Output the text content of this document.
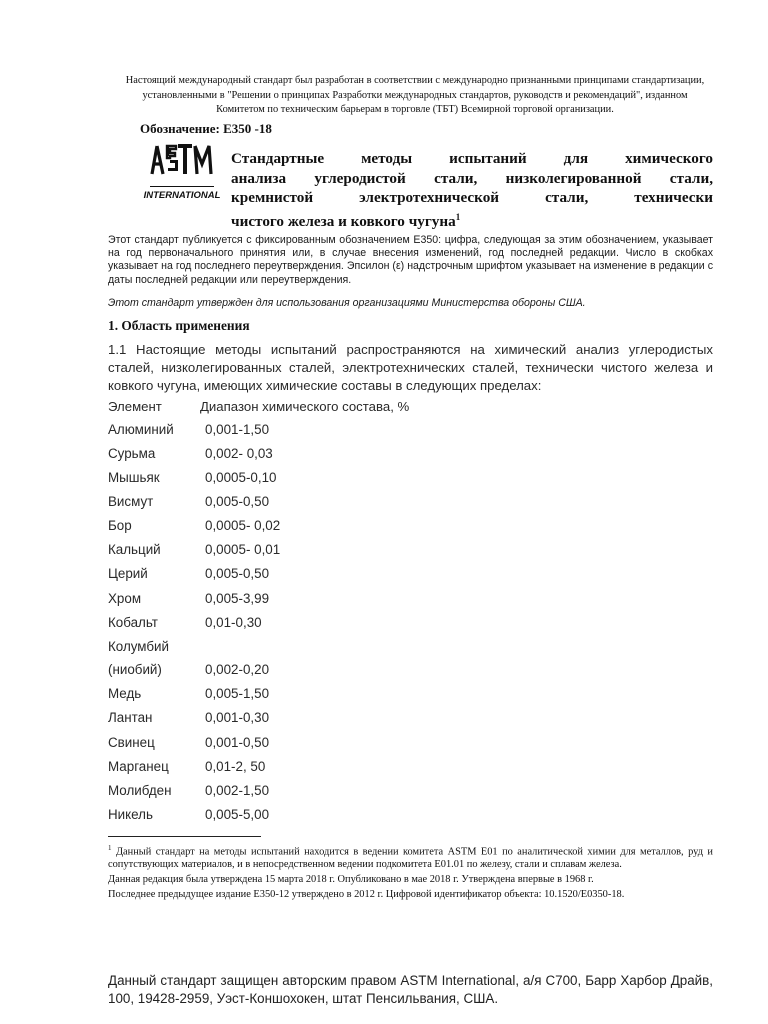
Настоящий международный стандарт был разработан в соответствии с международно признанными принципами стандартизации, установленными в "Решении о принципах Разработки международных стандартов, руководств и рекомендаций", изданном Комитетом по техническим барьерам в торговле (ТБТ) Всемирной торговой организации.
Обозначение: E350 -18
INTERNATIONAL
Стандартные методы испытаний для химического
анализа углеродистой стали, низколегированной стали,
кремнистой электротехнической стали, технически
чистого железа и ковкого чугуна$^1$
Этот стандарт публикуется с фиксированным обозначением E350: цифра, следующая за этим обозначением, указывает на год первоначального принятия или, в случае внесения изменений, год последней редакции. Число в скобках указывает на год последнего переутверждения. Эпсилон (ε) надстрочным шрифтом указывает на изменение в редакции с даты последней редакции или переутверждения.
Этот стандарт утвержден для использования организациями Министерства обороны США.
1. Область применения
1.1 Настоящие методы испытаний распространяются на химический анализ углеродистых сталей, низколегированных сталей, электротехнических сталей, технически чистого железа и ковкого чугуна, имеющих химические составы в следующих пределах:
Элемент	Диапазон химического состава, %
Алюминий 0,001-1,50
Сурьма	0,002- 0,03
Мышьяк	0,0005-0,10
Висмут	0,005-0,50
Бор	0,0005- 0,02
Кальций	0,0005- 0,01
Церий	0,005-0,50
Хром	0,005-3,99
Кобальт	0,01-0,30
Колумбий
(ниобий)	0,002-0,20
Медь	0,005-1,50
Лантан	0,001-0,30
Свинец	0,001-0,50
Марганец	0,01-2, 50
Молибден	0,002-1,50
Никель	0,005-5,00

$^1$ Данный стандарт на методы испытаний находится в ведении комитета ASTM E01 по аналитической химии для металлов, руд и сопутствующих материалов, и в непосредственном ведении подкомитета E01.01 по железу, стали и сплавам железа.

Данная редакция была утверждена 15 марта 2018 г. Опубликовано в мае 2018 г. Утверждена впервые в 1968 г.

Последнее предыдущее издание E350-12 утверждено в 2012 г. Цифровой идентификатор объекта: 10.1520/E0350-18.

Данный стандарт защищен авторским правом ASTM International, а/я C700, Барр Харбор Драйв, 100, 19428-2959, Уэст-Коншохокен, штат Пенсильвания, США.
